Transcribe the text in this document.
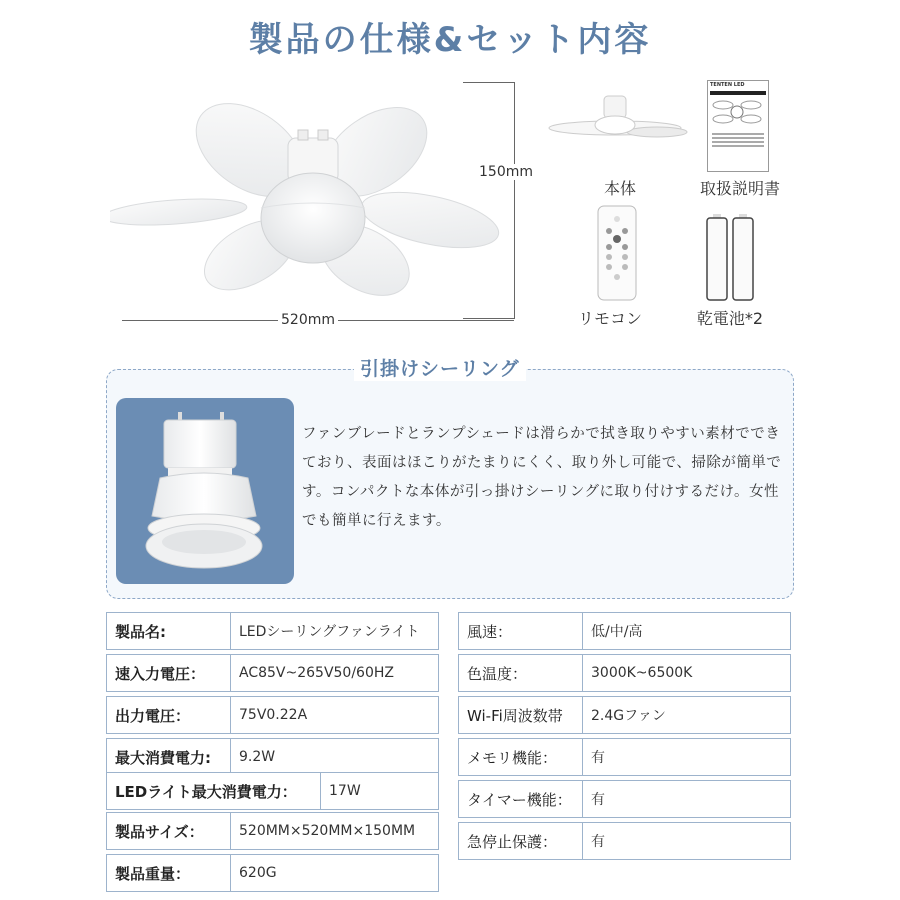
製品の仕様&セット内容
150mm
520mm
本体
TENTEN LED
取扱説明書
リモコン	乾電池*2
引掛けシーリング
ファンブレードとランプシェードは滑らかで拭き取りやすい素材でできており、表面はほこりがたまりにくく、取り外し可能で、掃除が簡単です。コンパクトな本体が引っ掛けシーリングに取り付けするだけ。女性でも簡単に行えます。
製品名:	LEDシーリングファンライト

速入力電圧：	AC85V~265V50/60HZ

出力電圧：	75V0.22A

最大消費電力:	9.2W
LEDライト最大消費電力：	17W
製品サイズ：	520MM×520MM×150MM

製品重量：	620G
風速：	低/中/高

色温度：	3000K~6500K

Wi-Fi周波数帯	2.4Gファン

メモリ機能：	有

タイマー機能：	有

急停止保護：	有
